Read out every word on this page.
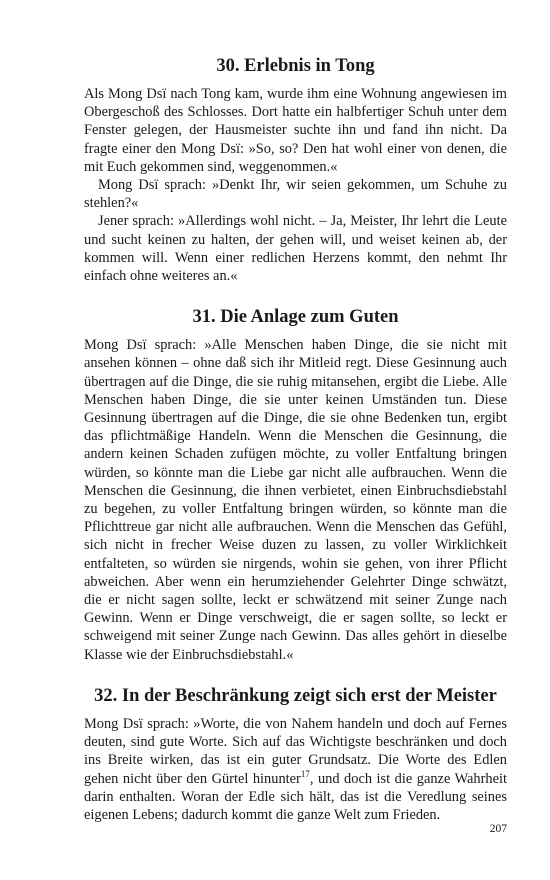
30. Erlebnis in Tong

Als Mong Dsï nach Tong kam, wurde ihm eine Wohnung angewiesen im Obergeschoß des Schlosses. Dort hatte ein halbfertiger Schuh unter dem Fenster gelegen, der Hausmeister suchte ihn und fand ihn nicht. Da fragte einer den Mong Dsï: »So, so? Den hat wohl einer von denen, die mit Euch gekommen sind, weggenommen.«

Mong Dsï sprach: »Denkt Ihr, wir seien gekommen, um Schuhe zu stehlen?«

Jener sprach: »Allerdings wohl nicht. – Ja, Meister, Ihr lehrt die Leute und sucht keinen zu halten, der gehen will, und weiset keinen ab, der kommen will. Wenn einer redlichen Herzens kommt, den nehmt Ihr einfach ohne weiteres an.«

31. Die Anlage zum Guten

Mong Dsï sprach: »Alle Menschen haben Dinge, die sie nicht mit ansehen können – ohne daß sich ihr Mitleid regt. Diese Gesinnung auch übertragen auf die Dinge, die sie ruhig mitansehen, ergibt die Liebe. Alle Menschen haben Dinge, die sie unter keinen Umständen tun. Diese Gesinnung übertragen auf die Dinge, die sie ohne Bedenken tun, ergibt das pflichtmäßige Handeln. Wenn die Menschen die Gesinnung, die andern keinen Schaden zufügen möchte, zu voller Entfaltung bringen würden, so könnte man die Liebe gar nicht alle aufbrauchen. Wenn die Menschen die Gesinnung, die ihnen verbietet, einen Einbruchsdiebstahl zu begehen, zu voller Entfaltung bringen würden, so könnte man die Pflichttreue gar nicht alle aufbrauchen. Wenn die Menschen das Gefühl, sich nicht in frecher Weise duzen zu lassen, zu voller Wirklichkeit entfalteten, so würden sie nirgends, wohin sie gehen, von ihrer Pflicht abweichen. Aber wenn ein herumziehender Gelehrter Dinge schwätzt, die er nicht sagen sollte, leckt er schwätzend mit seiner Zunge nach Gewinn. Wenn er Dinge verschweigt, die er sagen sollte, so leckt er schweigend mit seiner Zunge nach Gewinn. Das alles gehört in dieselbe Klasse wie der Einbruchsdiebstahl.«

32. In der Beschränkung zeigt sich erst der Meister

Mong Dsï sprach: »Worte, die von Nahem handeln und doch auf Fernes deuten, sind gute Worte. Sich auf das Wichtigste beschränken und doch ins Breite wirken, das ist ein guter Grundsatz. Die Worte des Edlen gehen nicht über den Gürtel hinunter$^{17}$, und doch ist die ganze Wahrheit darin enthalten. Woran der Edle sich hält, das ist die Veredlung seines eigenen Lebens; dadurch kommt die ganze Welt zum Frieden.

207
